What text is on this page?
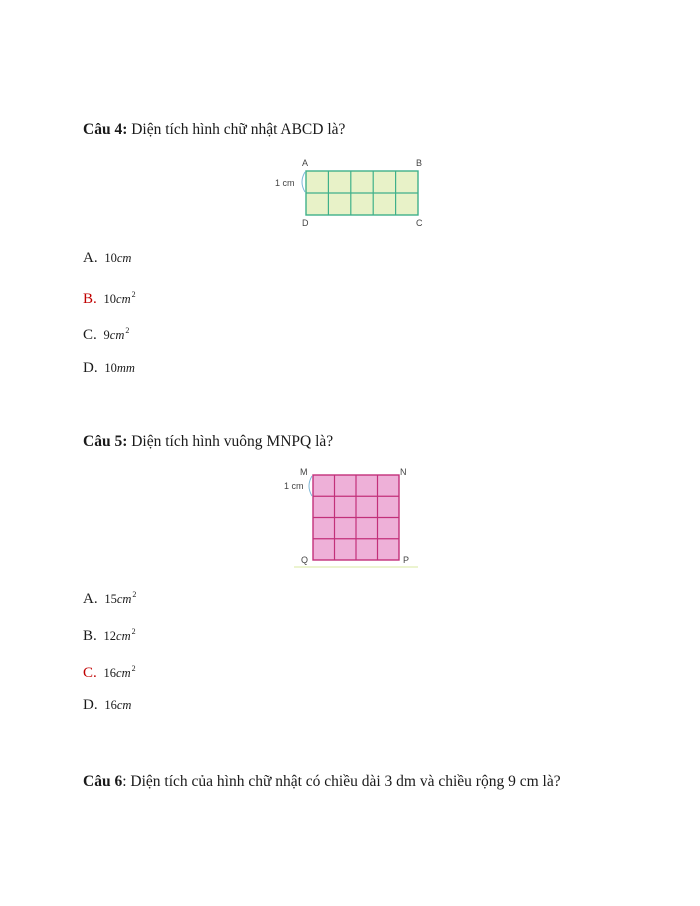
Câu 4: Diện tích hình chữ nhật ABCD là?
1 cm
A	B
C
D
A. 10cm
B. $10cm^2$
C. $9cm^2$
D. 10mm
Câu 5: Diện tích hình vuông MNPQ là?
1 cm
M	N
P
Q
A. $15cm^2$
B. $12cm^2$
C. $16cm^2$
D. 16cm
Câu 6: Diện tích của hình chữ nhật có chiều dài 3 dm và chiều rộng 9 cm là?
